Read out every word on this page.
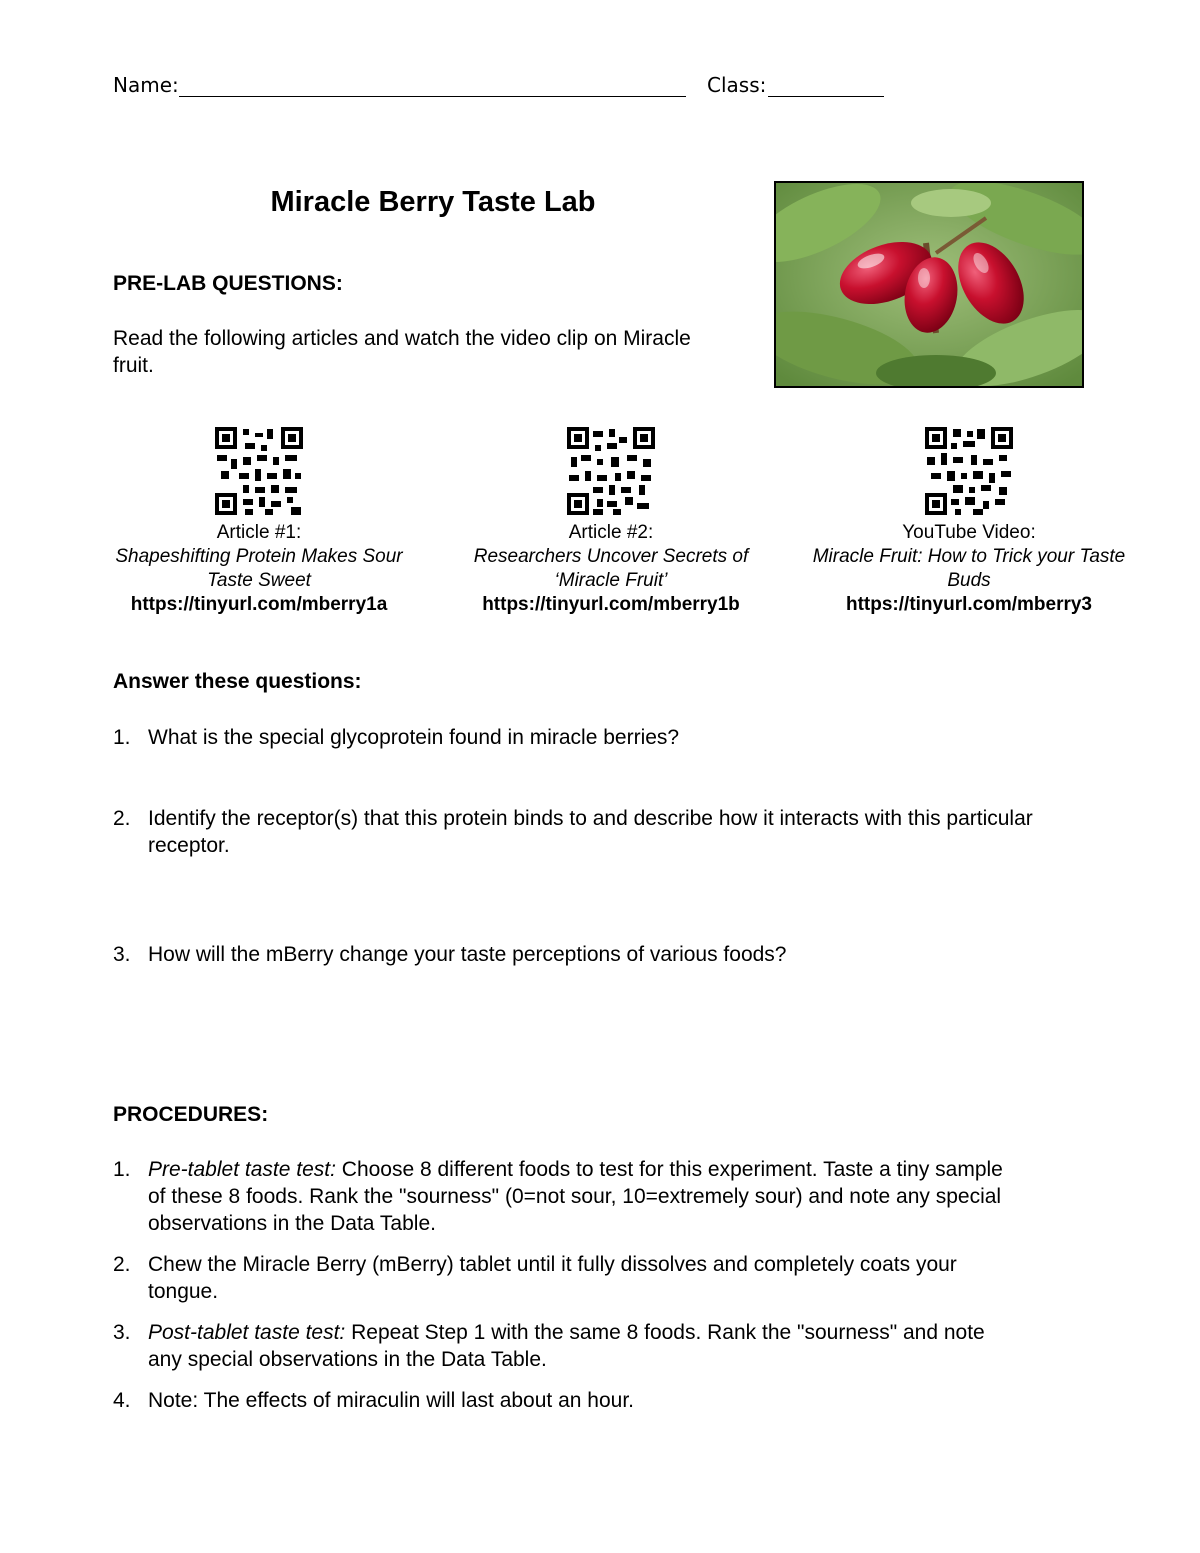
Name:	Class:
Miracle Berry Taste Lab
PRE-LAB QUESTIONS:
Read the following articles and watch the video clip on Miracle fruit.
Article #1:
Shapeshifting Protein Makes Sour Taste Sweet
https://tinyurl.com/mberry1a
Article #2:
Researchers Uncover Secrets of ‘Miracle Fruit’
https://tinyurl.com/mberry1b
YouTube Video:
Miracle Fruit: How to Trick your Taste Buds
https://tinyurl.com/mberry3
Answer these questions:
1. What is the special glycoprotein found in miracle berries?
2. Identify the receptor(s) that this protein binds to and describe how it interacts with this particular receptor.
3. How will the mBerry change your taste perceptions of various foods?
PROCEDURES:
1. Pre-tablet taste test: Choose 8 different foods to test for this experiment. Taste a tiny sample of these 8 foods. Rank the "sourness" (0=not sour, 10=extremely sour) and note any special observations in the Data Table.
2. Chew the Miracle Berry (mBerry) tablet until it fully dissolves and completely coats your tongue.
3. Post-tablet taste test: Repeat Step 1 with the same 8 foods. Rank the "sourness" and note any special observations in the Data Table.
4. Note: The effects of miraculin will last about an hour.
